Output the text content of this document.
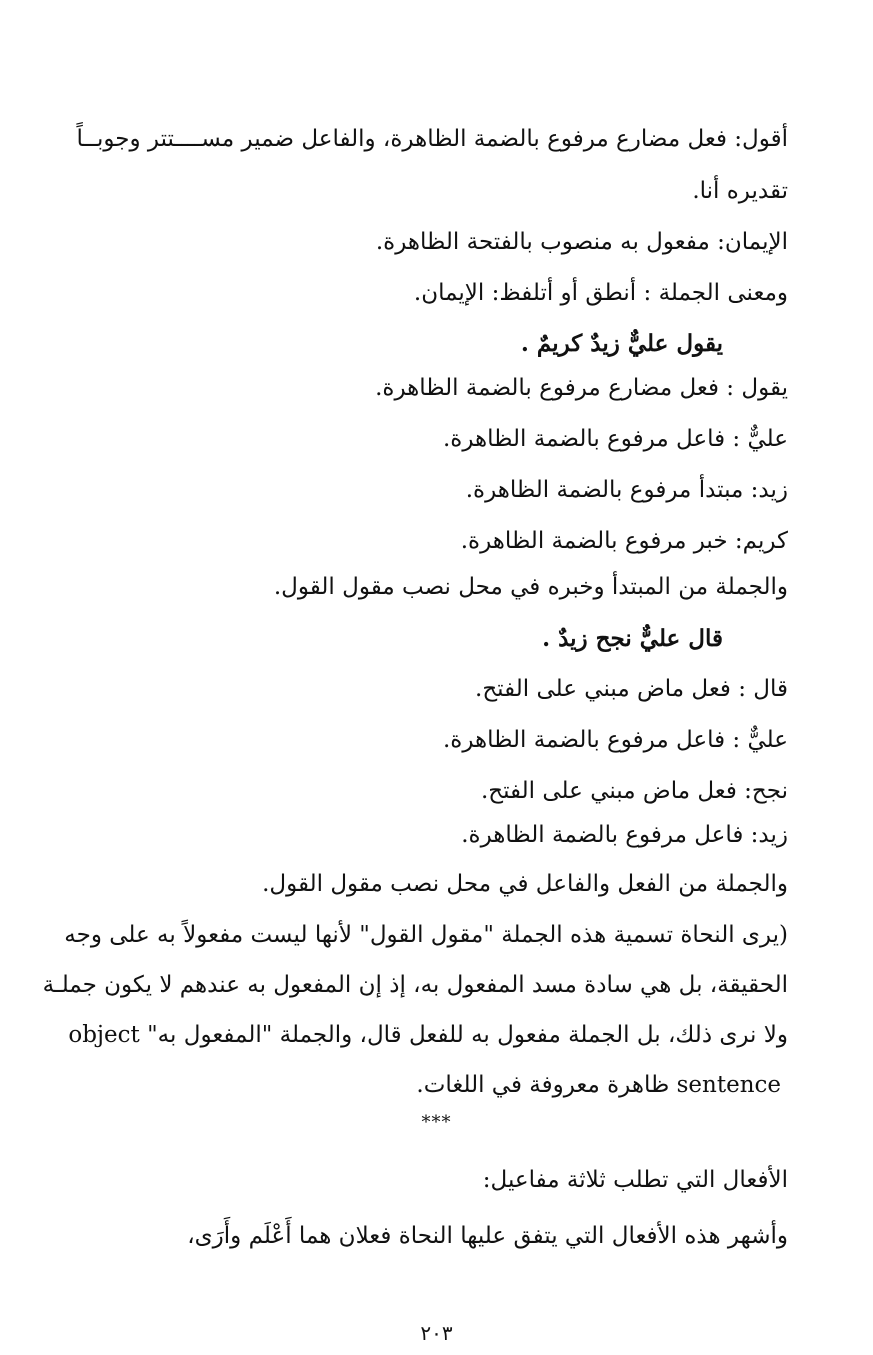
أقول: فعل مضارع مرفوع بالضمة الظاهرة، والفاعل ضمير مســــتتر وجوبــاً
تقديره أنا.
الإيمان: مفعول به منصوب بالفتحة الظاهرة.
ومعنى الجملة : أنطق أو أتلفظ: الإيمان.
يقول عليٌّ زيدٌ كريمٌ .
يقول : فعل مضارع مرفوع بالضمة الظاهرة.
عليٌّ : فاعل مرفوع بالضمة الظاهرة.
زيد: مبتدأ مرفوع بالضمة الظاهرة.
كريم: خبر مرفوع بالضمة الظاهرة.
والجملة من المبتدأ وخبره في محل نصب مقول القول.
قال عليٌّ نجح زيدٌ .
قال : فعل ماض مبني على الفتح.
عليٌّ : فاعل مرفوع بالضمة الظاهرة.
نجح: فعل ماض مبني على الفتح.
زيد: فاعل مرفوع بالضمة الظاهرة.
والجملة من الفعل والفاعل في محل نصب مقول القول.
(يرى النحاة تسمية هذه الجملة "مقول القول" لأنها ليست مفعولاً به على وجه
الحقيقة، بل هي سادة مسد المفعول به، إذ إن المفعول به عندهم لا يكون جملـة
ولا نرى ذلك، بل الجملة مفعول به للفعل قال، والجملة "المفعول به" object
sentence ظاهرة معروفة في اللغات.
***
الأفعال التي تطلب ثلاثة مفاعيل:
وأشهر هذه الأفعال التي يتفق عليها النحاة فعلان هما أَعْلَم وأَرَى،
٢٠٣
